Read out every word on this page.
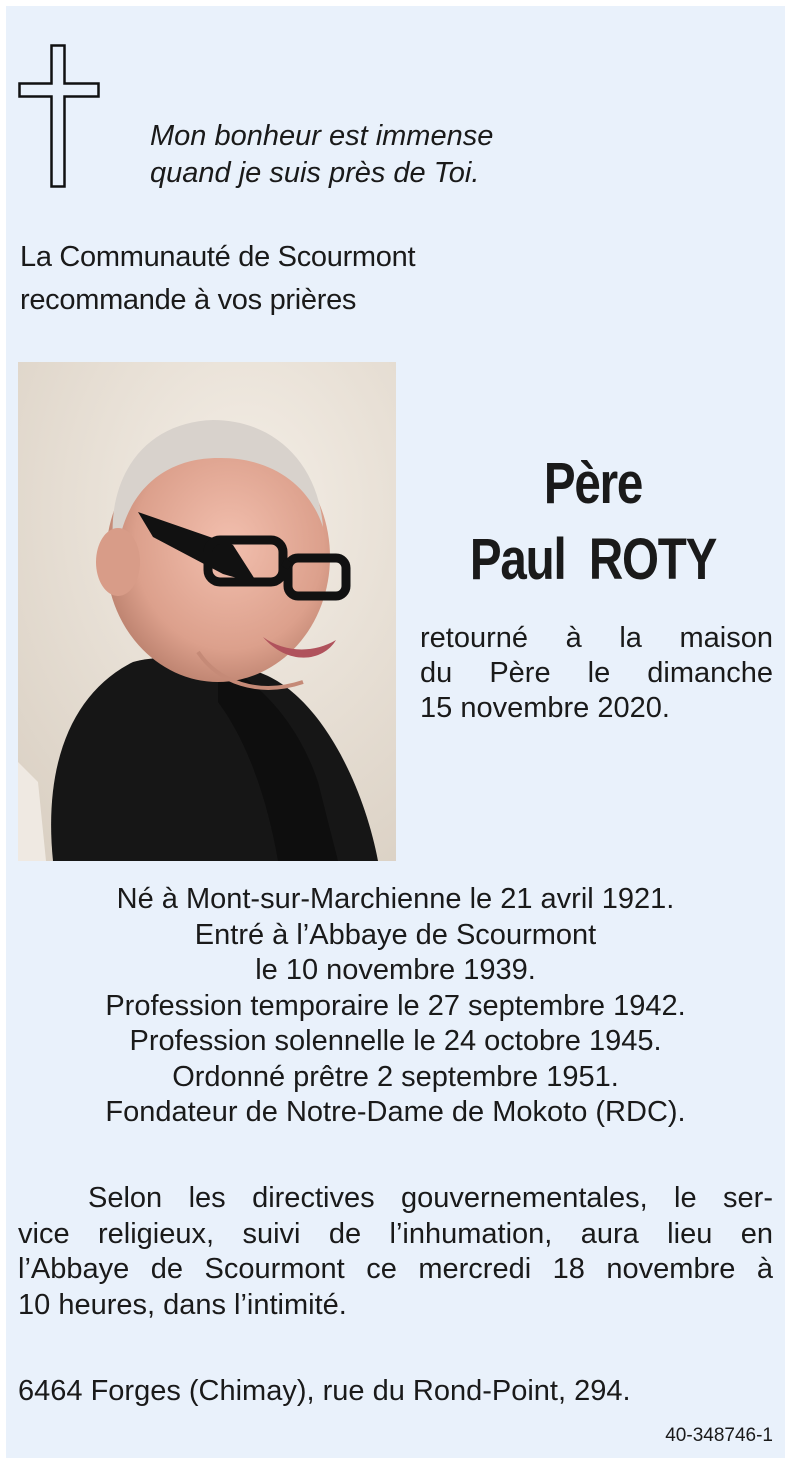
Mon bonheur est immense
quand je suis près de Toi.
La Communauté de Scourmont
recommande à vos prières
Père
Paul ROTY
retourné à la maison
du Père le dimanche
15 novembre 2020.
Né à Mont-sur-Marchienne le 21 avril 1921.
Entré à l’Abbaye de Scourmont
le 10 novembre 1939.
Profession temporaire le 27 septembre 1942.
Profession solennelle le 24 octobre 1945.
Ordonné prêtre 2 septembre 1951.
Fondateur de Notre-Dame de Mokoto (RDC).
Selon les directives gouvernementales, le ser-
vice religieux, suivi de l’inhumation, aura lieu en
l’Abbaye de Scourmont ce mercredi 18 novembre à
10 heures, dans l’intimité.
6464 Forges (Chimay), rue du Rond-Point, 294.
40-348746-1
